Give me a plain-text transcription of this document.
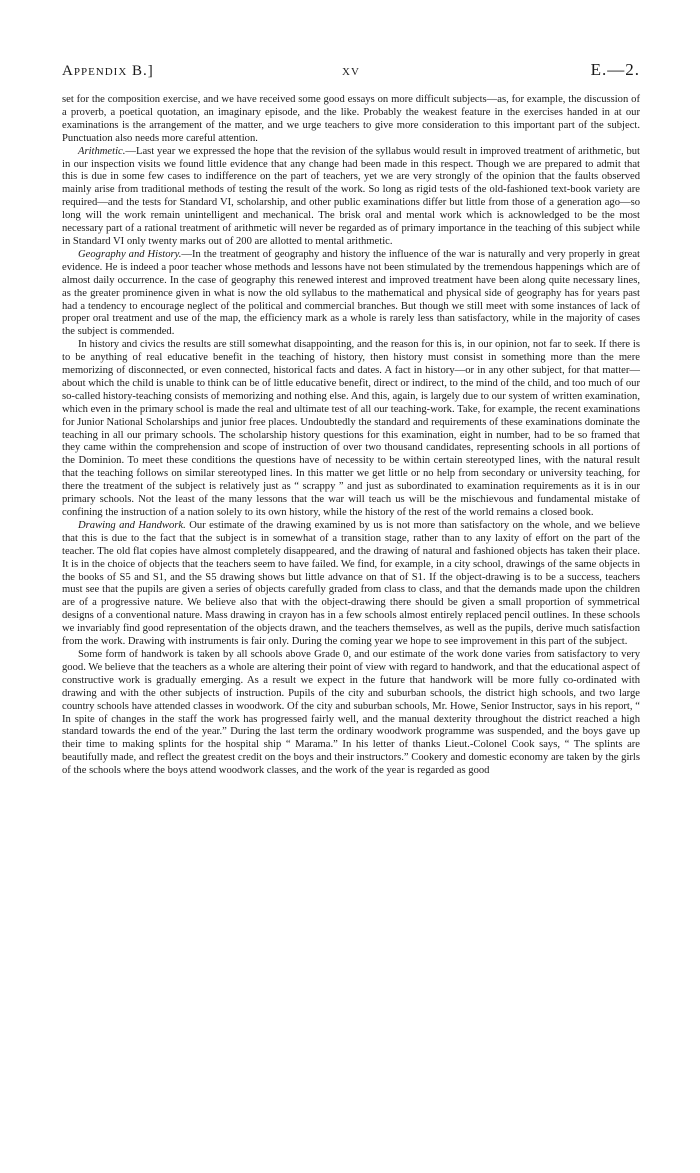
Appendix B.]	xv	E.—2.

set for the composition exercise, and we have received some good essays on more difficult subjects—as, for example, the discussion of a proverb, a poetical quotation, an imaginary episode, and the like. Probably the weakest feature in the exercises handed in at our examinations is the arrangement of the matter, and we urge teachers to give more consideration to this important part of the subject. Punctuation also needs more careful attention.

Arithmetic.—Last year we expressed the hope that the revision of the syllabus would result in improved treatment of arithmetic, but in our inspection visits we found little evidence that any change had been made in this respect. Though we are prepared to admit that this is due in some few cases to indifference on the part of teachers, yet we are very strongly of the opinion that the faults observed mainly arise from traditional methods of testing the result of the work. So long as rigid tests of the old-fashioned text-book variety are required—and the tests for Standard VI, scholarship, and other public examinations differ but little from those of a generation ago—so long will the work remain unintelligent and mechanical. The brisk oral and mental work which is acknowledged to be the most necessary part of a rational treatment of arithmetic will never be regarded as of primary importance in the teaching of this subject while in Standard VI only twenty marks out of 200 are allotted to mental arithmetic.

Geography and History.—In the treatment of geography and history the influence of the war is naturally and very properly in great evidence. He is indeed a poor teacher whose methods and lessons have not been stimulated by the tremendous happenings which are of almost daily occurrence. In the case of geography this renewed interest and improved treatment have been along quite necessary lines, as the greater prominence given in what is now the old syllabus to the mathematical and physical side of geography has for years past had a tendency to encourage neglect of the political and commercial branches. But though we still meet with some instances of lack of proper oral treatment and use of the map, the efficiency mark as a whole is rarely less than satisfactory, while in the majority of cases the subject is commended.

In history and civics the results are still somewhat disappointing, and the reason for this is, in our opinion, not far to seek. If there is to be anything of real educative benefit in the teaching of history, then history must consist in something more than the mere memorizing of disconnected, or even connected, historical facts and dates. A fact in history—or in any other subject, for that matter—about which the child is unable to think can be of little educative benefit, direct or indirect, to the mind of the child, and too much of our so-called history-teaching consists of memorizing and nothing else. And this, again, is largely due to our system of written examination, which even in the primary school is made the real and ultimate test of all our teaching-work. Take, for example, the recent examinations for Junior National Scholarships and junior free places. Undoubtedly the standard and requirements of these examinations dominate the teaching in all our primary schools. The scholarship history questions for this examination, eight in number, had to be so framed that they came within the comprehension and scope of instruction of over two thousand candidates, representing schools in all portions of the Dominion. To meet these conditions the questions have of necessity to be within certain stereotyped lines, with the natural result that the teaching follows on similar stereotyped lines. In this matter we get little or no help from secondary or university teaching, for there the treatment of the subject is relatively just as “ scrappy ” and just as subordinated to examination requirements as it is in our primary schools. Not the least of the many lessons that the war will teach us will be the mischievous and fundamental mistake of confining the instruction of a nation solely to its own history, while the history of the rest of the world remains a closed book.

Drawing and Handwork. Our estimate of the drawing examined by us is not more than satisfactory on the whole, and we believe that this is due to the fact that the subject is in somewhat of a transition stage, rather than to any laxity of effort on the part of the teacher. The old flat copies have almost completely disappeared, and the drawing of natural and fashioned objects has taken their place. It is in the choice of objects that the teachers seem to have failed. We find, for example, in a city school, drawings of the same objects in the books of S5 and S1, and the S5 drawing shows but little advance on that of S1. If the object-drawing is to be a success, teachers must see that the pupils are given a series of objects carefully graded from class to class, and that the demands made upon the children are of a progressive nature. We believe also that with the object-drawing there should be given a small proportion of symmetrical designs of a conventional nature. Mass drawing in crayon has in a few schools almost entirely replaced pencil outlines. In these schools we invariably find good representation of the objects drawn, and the teachers themselves, as well as the pupils, derive much satisfaction from the work. Drawing with instruments is fair only. During the coming year we hope to see improvement in this part of the subject.

Some form of handwork is taken by all schools above Grade 0, and our estimate of the work done varies from satisfactory to very good. We believe that the teachers as a whole are altering their point of view with regard to handwork, and that the educational aspect of constructive work is gradually emerging. As a result we expect in the future that handwork will be more fully co-ordinated with drawing and with the other subjects of instruction. Pupils of the city and suburban schools, the district high schools, and two large country schools have attended classes in woodwork. Of the city and suburban schools, Mr. Howe, Senior Instructor, says in his report, “ In spite of changes in the staff the work has progressed fairly well, and the manual dexterity throughout the district reached a high standard towards the end of the year.” During the last term the ordinary woodwork programme was suspended, and the boys gave up their time to making splints for the hospital ship “ Marama.” In his letter of thanks Lieut.-Colonel Cook says, “ The splints are beautifully made, and reflect the greatest credit on the boys and their instructors.” Cookery and domestic economy are taken by the girls of the schools where the boys attend woodwork classes, and the work of the year is regarded as good
